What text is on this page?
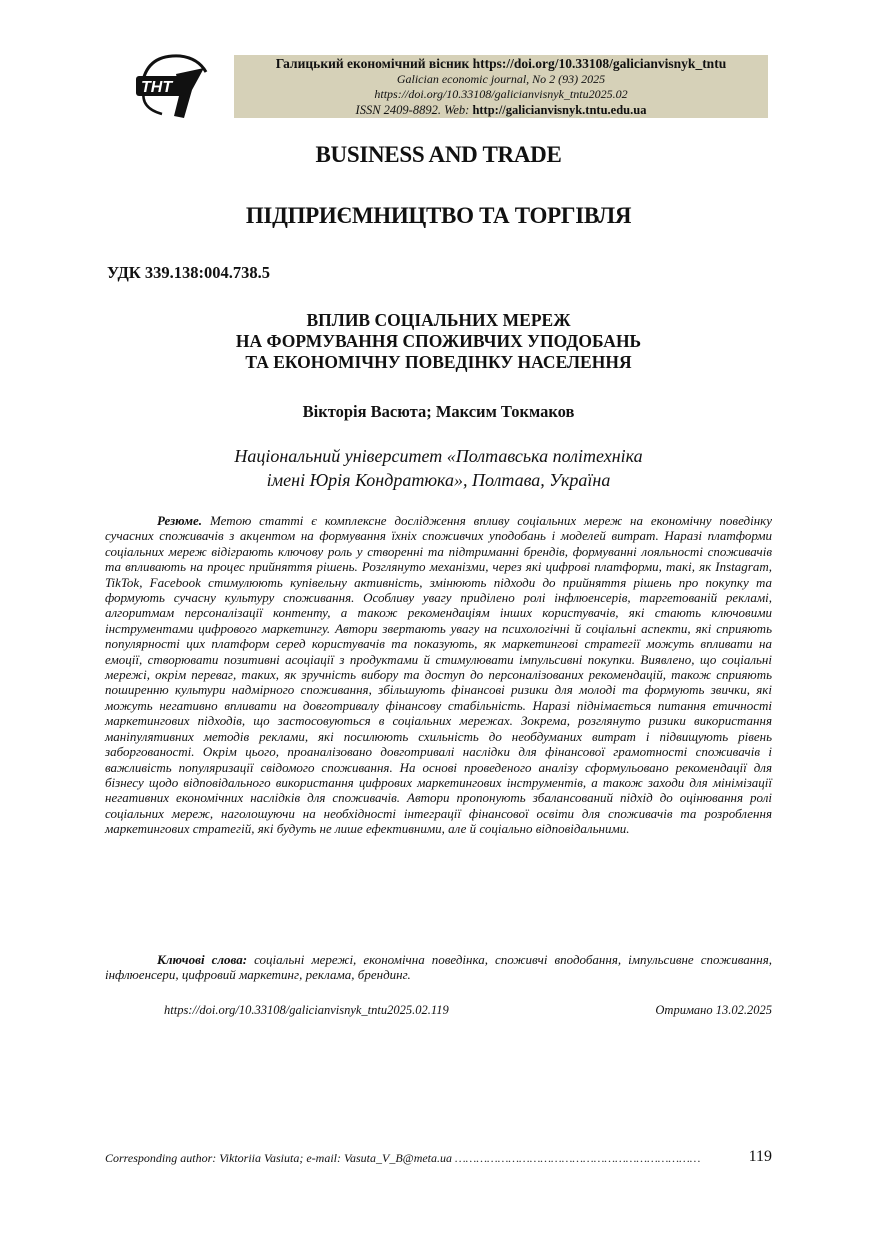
ТНТ
Галицький економічний вісник https://doi.org/10.33108/galicianvisnyk_tntu
Galician economic journal, No 2 (93) 2025
https://doi.org/10.33108/galicianvisnyk_tntu2025.02
ISSN 2409-8892. Web: http://galicianvisnyk.tntu.edu.ua
BUSINESS AND TRADE
ПІДПРИЄМНИЦТВО ТА ТОРГІВЛЯ
УДК 339.138:004.738.5
ВПЛИВ СОЦІАЛЬНИХ МЕРЕЖ
НА ФОРМУВАННЯ СПОЖИВЧИХ УПОДОБАНЬ
ТА ЕКОНОМІЧНУ ПОВЕДІНКУ НАСЕЛЕННЯ
Вікторія Васюта; Максим Токмаков
Національний університет «Полтавська політехніка
імені Юрія Кондратюка», Полтава, Україна
Резюме. Метою статті є комплексне дослідження впливу соціальних мереж на економічну поведінку сучасних споживачів з акцентом на формування їхніх споживчих уподобань і моделей витрат. Наразі платформи соціальних мереж відіграють ключову роль у створенні та підтриманні брендів, формуванні лояльності споживачів та впливають на процес прийняття рішень. Розглянуто механізми, через які цифрові платформи, такі, як Instagram, TikTok, Facebook стимулюють купівельну активність, змінюють підходи до прийняття рішень про покупку та формують сучасну культуру споживання. Особливу увагу приділено ролі інфлюенсерів, таргетованій рекламі, алгоритмам персоналізації контенту, а також рекомендаціям інших користувачів, які стають ключовими інструментами цифрового маркетингу. Автори звертають увагу на психологічні й соціальні аспекти, які сприяють популярності цих платформ серед користувачів та показують, як маркетингові стратегії можуть впливати на емоції, створювати позитивні асоціації з продуктами й стимулювати імпульсивні покупки. Виявлено, що соціальні мережі, окрім переваг, таких, як зручність вибору та доступ до персоналізованих рекомендацій, також сприяють поширенню культури надмірного споживання, збільшують фінансові ризики для молоді та формують звички, які можуть негативно впливати на довготривалу фінансову стабільність. Наразі піднімається питання етичності маркетингових підходів, що застосовуються в соціальних мережах. Зокрема, розглянуто ризики використання маніпулятивних методів реклами, які посилюють схильність до необдуманих витрат і підвищують рівень заборгованості. Окрім цього, проаналізовано довготривалі наслідки для фінансової грамотності споживачів і важливість популяризації свідомого споживання. На основі проведеного аналізу сформульовано рекомендації для бізнесу щодо відповідального використання цифрових маркетингових інструментів, а також заходи для мінімізації негативних економічних наслідків для споживачів. Автори пропонують збалансований підхід до оцінювання ролі соціальних мереж, наголошуючи на необхідності інтеграції фінансової освіти для споживачів та розроблення маркетингових стратегій, які будуть не лише ефективними, але й соціально відповідальними.
Ключові слова: соціальні мережі, економічна поведінка, споживчі вподобання, імпульсивне споживання, інфлюенсери, цифровий маркетинг, реклама, брендинг.
https://doi.org/10.33108/galicianvisnyk_tntu2025.02.119	Отримано 13.02.2025
Corresponding author: Viktoriia Vasiuta; e-mail: Vasuta_V_B@meta.ua ……………………………………………………………	119
